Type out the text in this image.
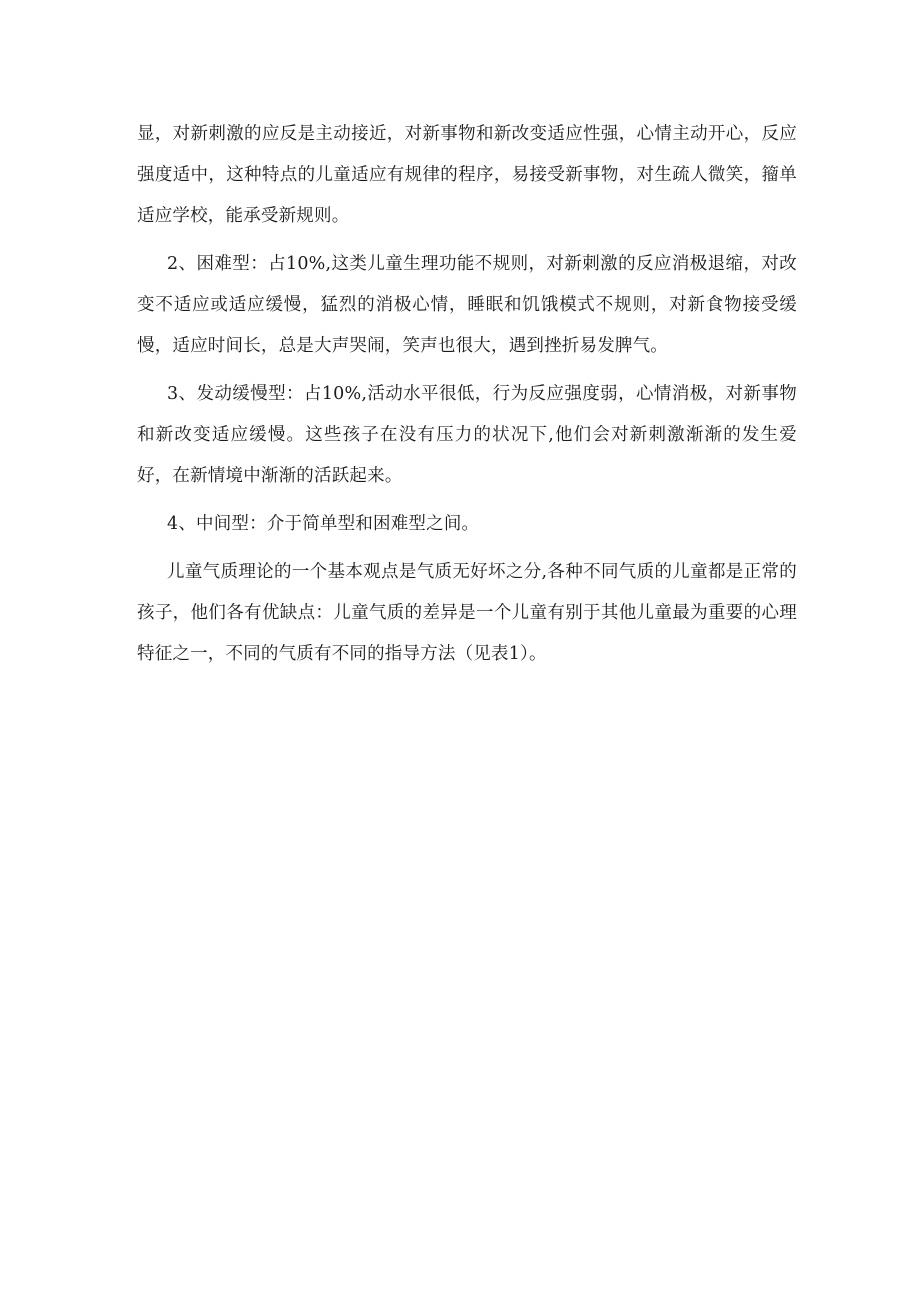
显，对新刺激的应反是主动接近，对新事物和新改变适应性强，心情主动开心，反应强度适中，这种特点的儿童适应有规律的程序，易接受新事物，对生疏人微笑，籀单适应学校，能承受新规则。

2、困难型：占10%,这类儿童生理功能不规则，对新刺激的反应消极退缩，对改变不适应或适应缓慢，猛烈的消极心情，睡眠和饥饿模式不规则，对新食物接受缓慢，适应时间长，总是大声哭闹，笑声也很大，遇到挫折易发脾气。

3、发动缓慢型：占10%,活动水平很低，行为反应强度弱，心情消极，对新事物和新改变适应缓慢。这些孩子在没有压力的状况下,他们会对新刺激渐渐的发生爱好，在新情境中渐渐的活跃起来。

4、中间型：介于简单型和困难型之间。

儿童气质理论的一个基本观点是气质无好坏之分,各种不同气质的儿童都是正常的孩子，他们各有优缺点：儿童气质的差异是一个儿童有别于其他儿童最为重要的心理特征之一，不同的气质有不同的指导方法（见表1）。
